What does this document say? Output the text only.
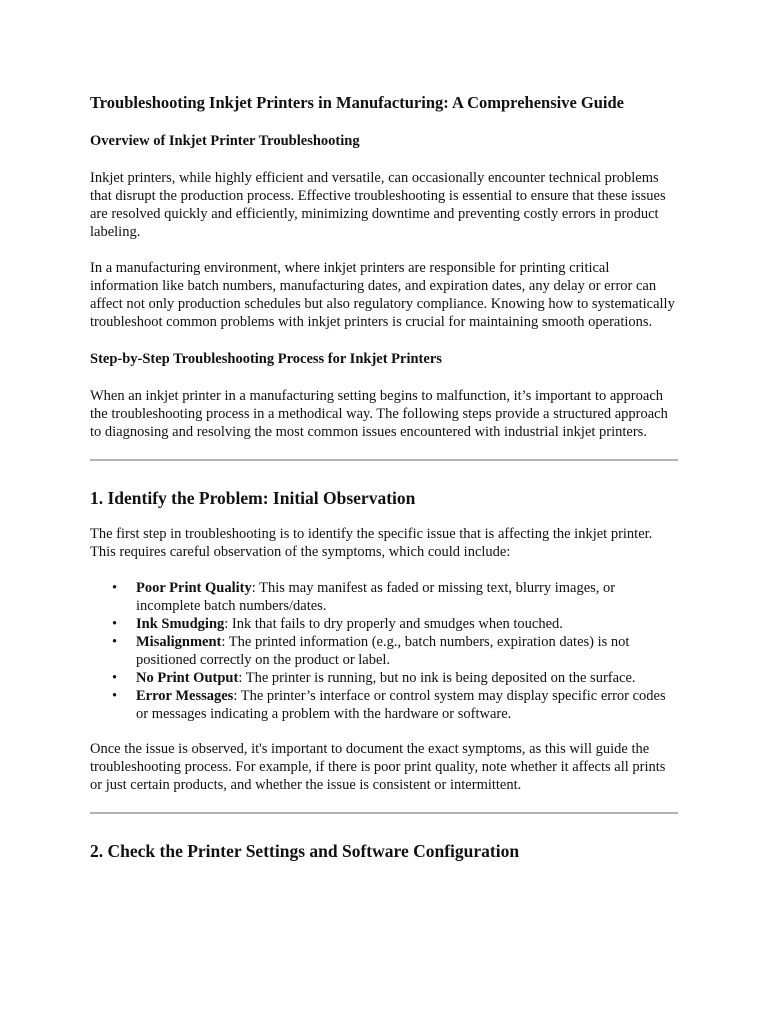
Troubleshooting Inkjet Printers in Manufacturing: A Comprehensive Guide
Overview of Inkjet Printer Troubleshooting

Inkjet printers, while highly efficient and versatile, can occasionally encounter technical problems that disrupt the production process. Effective troubleshooting is essential to ensure that these issues are resolved quickly and efficiently, minimizing downtime and preventing costly errors in product labeling.

In a manufacturing environment, where inkjet printers are responsible for printing critical information like batch numbers, manufacturing dates, and expiration dates, any delay or error can affect not only production schedules but also regulatory compliance. Knowing how to systematically troubleshoot common problems with inkjet printers is crucial for maintaining smooth operations.

Step-by-Step Troubleshooting Process for Inkjet Printers

When an inkjet printer in a manufacturing setting begins to malfunction, it’s important to approach the troubleshooting process in a methodical way. The following steps provide a structured approach to diagnosing and resolving the most common issues encountered with industrial inkjet printers.

1. Identify the Problem: Initial Observation

The first step in troubleshooting is to identify the specific issue that is affecting the inkjet printer. This requires careful observation of the symptoms, which could include:

• Poor Print Quality: This may manifest as faded or missing text, blurry images, or incomplete batch numbers/dates.
• Ink Smudging: Ink that fails to dry properly and smudges when touched.
• Misalignment: The printed information (e.g., batch numbers, expiration dates) is not positioned correctly on the product or label.
• No Print Output: The printer is running, but no ink is being deposited on the surface.
• Error Messages: The printer’s interface or control system may display specific error codes or messages indicating a problem with the hardware or software.

Once the issue is observed, it's important to document the exact symptoms, as this will guide the troubleshooting process. For example, if there is poor print quality, note whether it affects all prints or just certain products, and whether the issue is consistent or intermittent.

2. Check the Printer Settings and Software Configuration
